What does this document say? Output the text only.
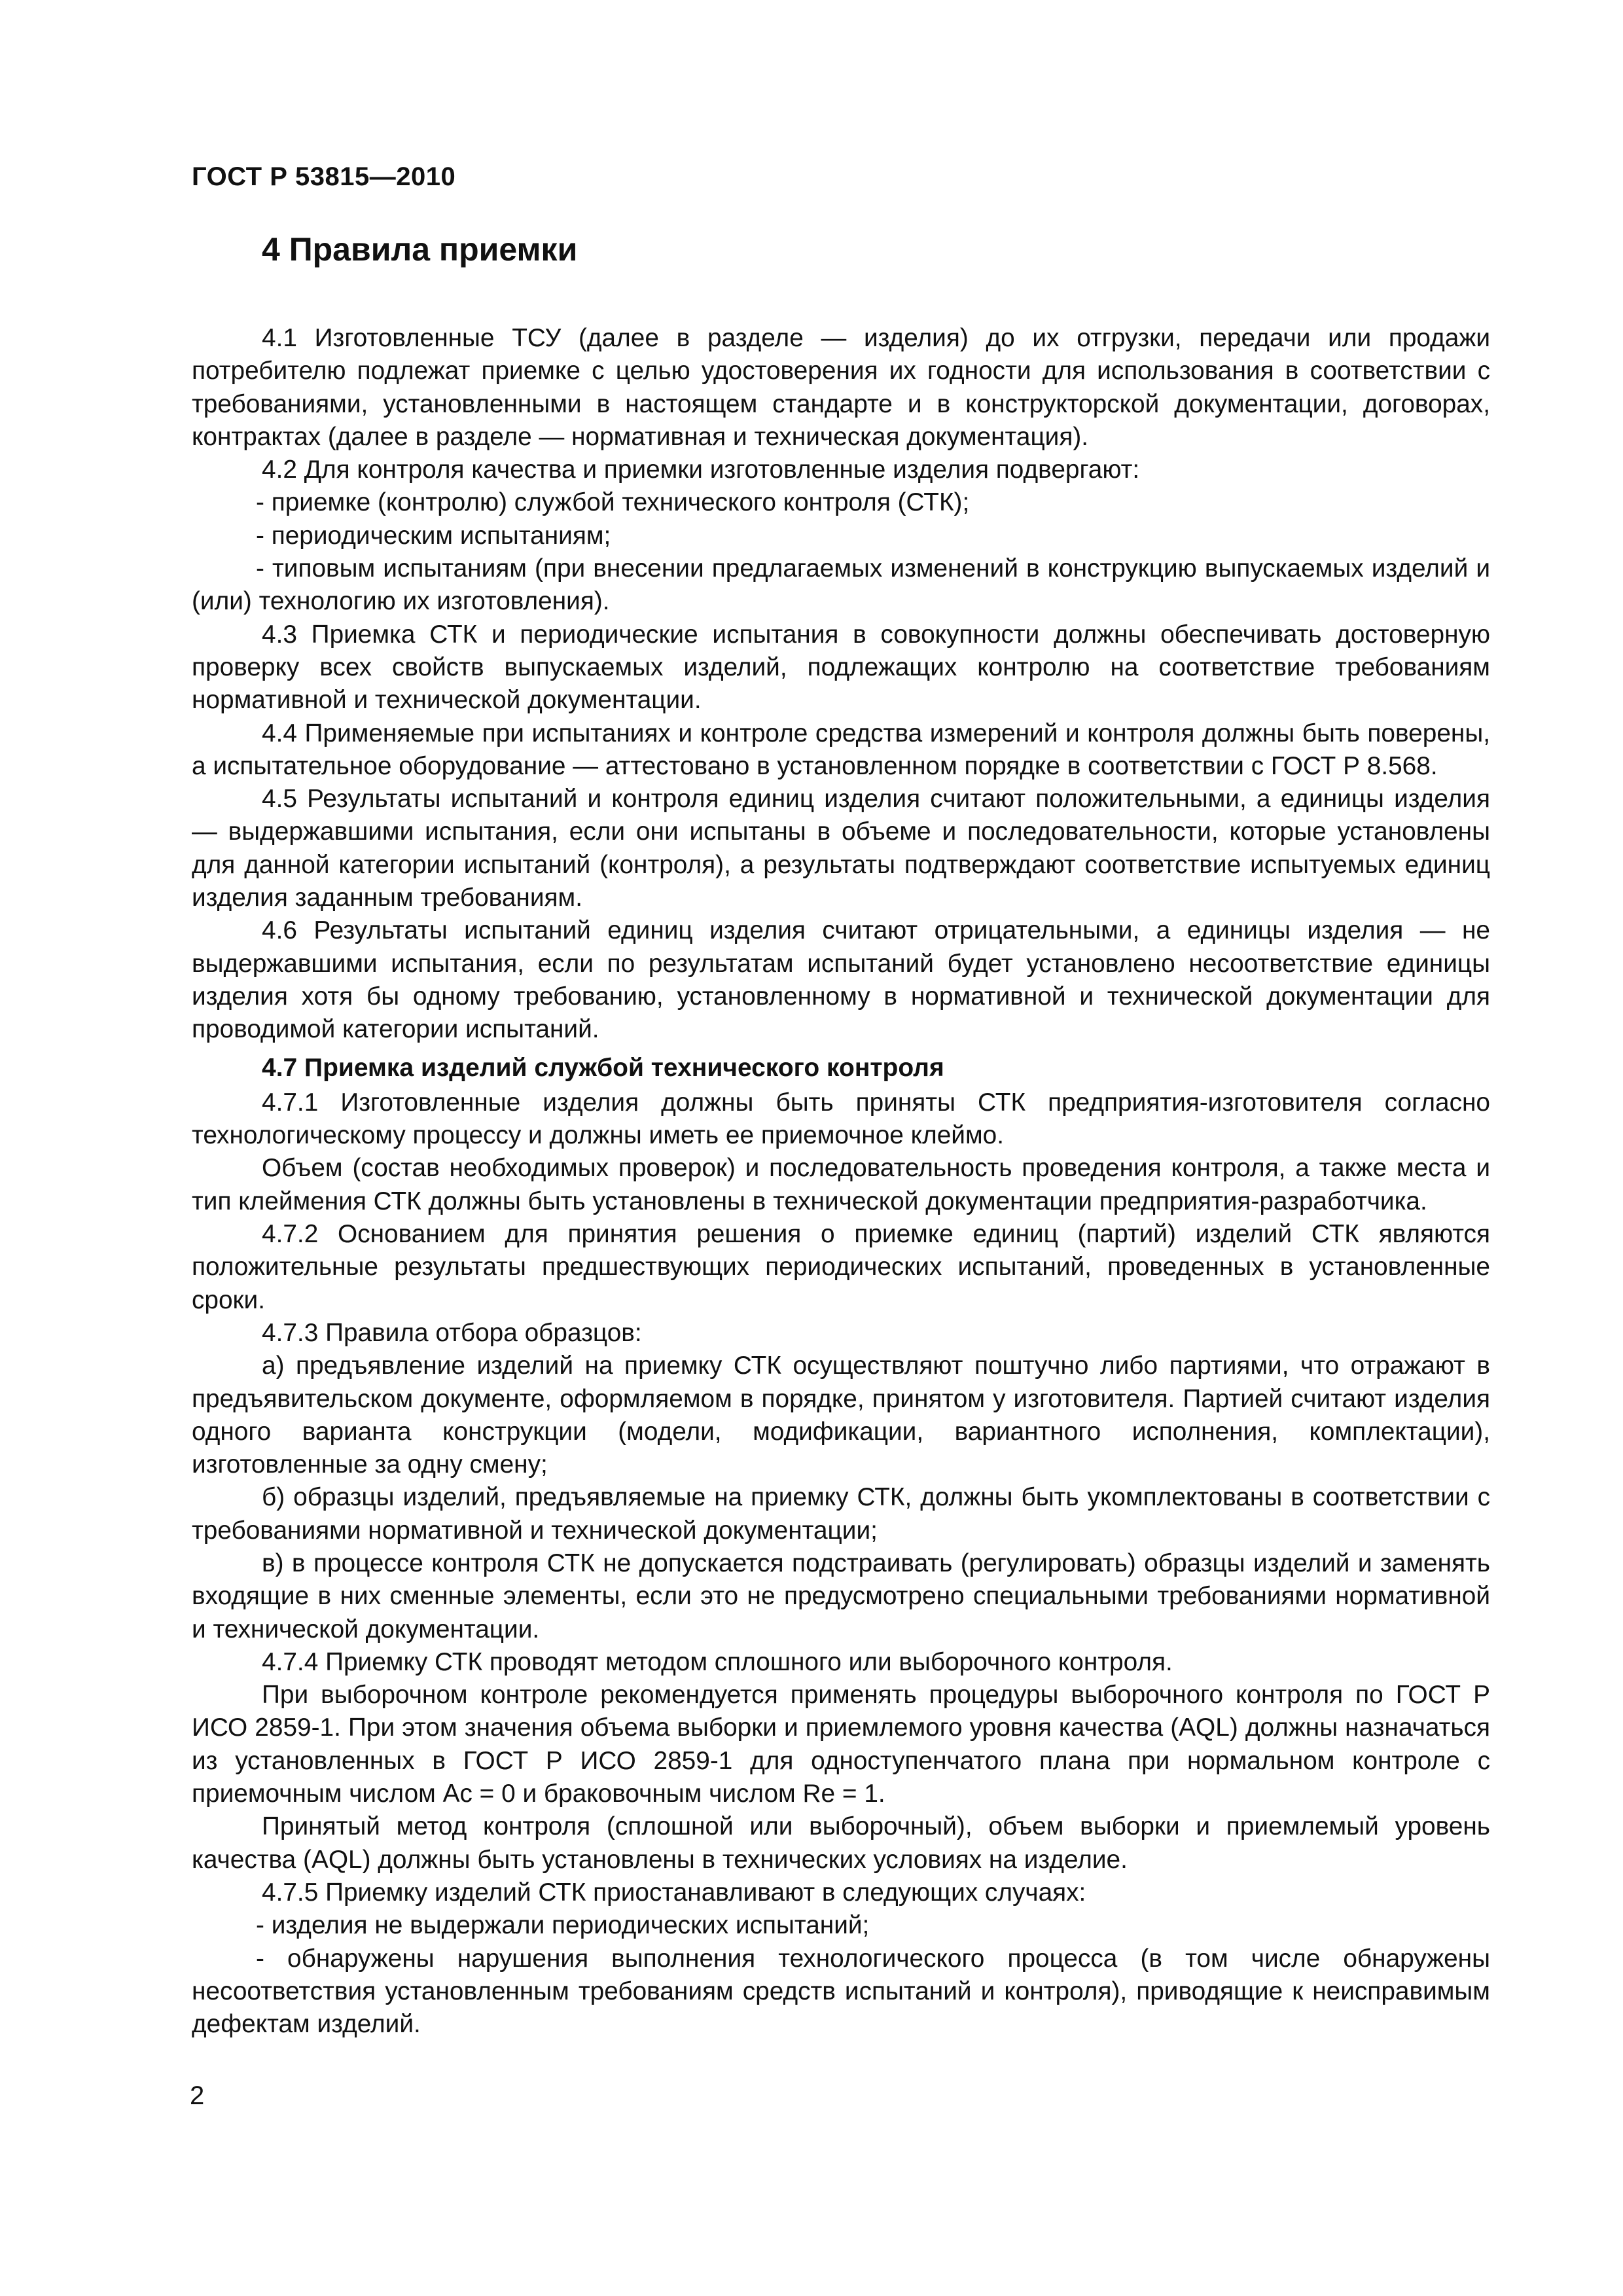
ГОСТ Р 53815—2010
4 Правила приемки

4.1 Изготовленные ТСУ (далее в разделе — изделия) до их отгрузки, передачи или продажи потребителю подлежат приемке с целью удостоверения их годности для использования в соответствии с требованиями, установленными в настоящем стандарте и в конструкторской документации, договорах, контрактах (далее в разделе — нормативная и техническая документация).

4.2 Для контроля качества и приемки изготовленные изделия подвергают:

- приемке (контролю) службой технического контроля (СТК);

- периодическим испытаниям;

- типовым испытаниям (при внесении предлагаемых изменений в конструкцию выпускаемых изделий и (или) технологию их изготовления).

4.3 Приемка СТК и периодические испытания в совокупности должны обеспечивать достоверную проверку всех свойств выпускаемых изделий, подлежащих контролю на соответствие требованиям нормативной и технической документации.

4.4 Применяемые при испытаниях и контроле средства измерений и контроля должны быть поверены, а испытательное оборудование — аттестовано в установленном порядке в соответствии с ГОСТ Р 8.568.

4.5 Результаты испытаний и контроля единиц изделия считают положительными, а единицы изделия — выдержавшими испытания, если они испытаны в объеме и последовательности, которые установлены для данной категории испытаний (контроля), а результаты подтверждают соответствие испытуемых единиц изделия заданным требованиям.

4.6 Результаты испытаний единиц изделия считают отрицательными, а единицы изделия — не выдержавшими испытания, если по результатам испытаний будет установлено несоответствие единицы изделия хотя бы одному требованию, установленному в нормативной и технической документации для проводимой категории испытаний.

4.7 Приемка изделий службой технического контроля

4.7.1 Изготовленные изделия должны быть приняты СТК предприятия-изготовителя согласно технологическому процессу и должны иметь ее приемочное клеймо.

Объем (состав необходимых проверок) и последовательность проведения контроля, а также места и тип клеймения СТК должны быть установлены в технической документации предприятия-разработчика.

4.7.2 Основанием для принятия решения о приемке единиц (партий) изделий СТК являются положительные результаты предшествующих периодических испытаний, проведенных в установленные сроки.

4.7.3 Правила отбора образцов:

а) предъявление изделий на приемку СТК осуществляют поштучно либо партиями, что отражают в предъявительском документе, оформляемом в порядке, принятом у изготовителя. Партией считают изделия одного варианта конструкции (модели, модификации, вариантного исполнения, комплектации), изготовленные за одну смену;

б) образцы изделий, предъявляемые на приемку СТК, должны быть укомплектованы в соответствии с требованиями нормативной и технической документации;

в) в процессе контроля СТК не допускается подстраивать (регулировать) образцы изделий и заменять входящие в них сменные элементы, если это не предусмотрено специальными требованиями нормативной и технической документации.

4.7.4 Приемку СТК проводят методом сплошного или выборочного контроля.

При выборочном контроле рекомендуется применять процедуры выборочного контроля по ГОСТ Р ИСО 2859-1. При этом значения объема выборки и приемлемого уровня качества (AQL) должны назначаться из установленных в ГОСТ Р ИСО 2859-1 для одноступенчатого плана при нормальном контроле с приемочным числом Ac = 0 и браковочным числом Re = 1.

Принятый метод контроля (сплошной или выборочный), объем выборки и приемлемый уровень качества (AQL) должны быть установлены в технических условиях на изделие.

4.7.5 Приемку изделий СТК приостанавливают в следующих случаях:

- изделия не выдержали периодических испытаний;

- обнаружены нарушения выполнения технологического процесса (в том числе обнаружены несоответствия установленным требованиям средств испытаний и контроля), приводящие к неисправимым дефектам изделий.

2
